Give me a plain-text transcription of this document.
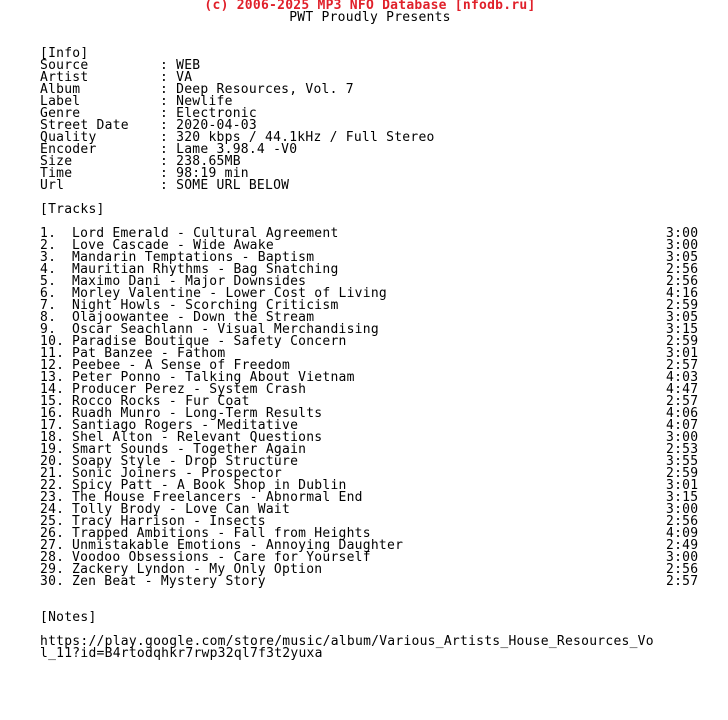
(c) 2006-2025 MP3 NFO Database [nfodb.ru]
PWT Proudly Presents
[Info]
Source	: WEB
Artist	: VA
Album	: Deep Resources, Vol. 7
Label	: Newlife
Genre	: Electronic
Street Date	: 2020-04-03
Quality	: 320 kbps / 44.1kHz / Full Stereo
Encoder	: Lame 3.98.4 -V0
Size	: 238.65MB
Time	: 98:19 min
Url	: SOME URL BELOW
[Tracks]
1.	Lord Emerald - Cultural Agreement	3:00
2.	Love Cascade - Wide Awake	3:00
3.	Mandarin Temptations - Baptism	3:05
4.	Mauritian Rhythms - Bag Snatching	2:56
5.	Maximo Dani - Major Downsides	2:56
6.	Morley Valentine - Lower Cost of Living	4:16
7.	Night Howls - Scorching Criticism	2:59
8.	Olajoowantee - Down the Stream	3:05
9.	Oscar Seachlann - Visual Merchandising	3:15
10. Paradise Boutique - Safety Concern	2:59
11. Pat Banzee - Fathom	3:01
12. Peebee - A Sense of Freedom	2:57
13. Peter Ponno - Talking About Vietnam	4:03
14. Producer Perez - System Crash	4:47
15. Rocco Rocks - Fur Coat	2:57
16. Ruadh Munro - Long-Term Results	4:06
17. Santiago Rogers - Meditative	4:07
18. Shel Alton - Relevant Questions	3:00
19. Smart Sounds - Together Again	2:53
20. Soapy Style - Drop Structure	3:55
21. Sonic Joiners - Prospector	2:59
22. Spicy Patt - A Book Shop in Dublin	3:01
23. The House Freelancers - Abnormal End	3:15
24. Tolly Brody - Love Can Wait	3:00
25. Tracy Harrison - Insects	2:56
26. Trapped Ambitions - Fall from Heights	4:09
27. Unmistakable Emotions - Annoying Daughter	2:49
28. Voodoo Obsessions - Care for Yourself	3:00
29. Zackery Lyndon - My Only Option	2:56
30. Zen Beat - Mystery Story	2:57
[Notes]
https://play.google.com/store/music/album/Various_Artists_House_Resources_Vo
l_11?id=B4rtodqhkr7rwp32ql7f3t2yuxa
